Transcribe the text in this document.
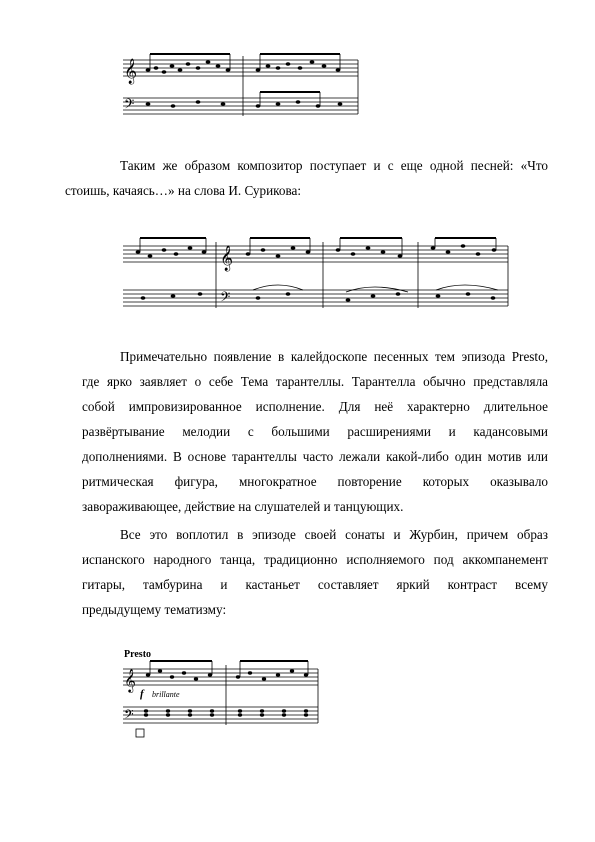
𝄞
𝄢
Таким же образом композитор поступает и с еще одной песней: «Что
стоишь, качаясь…» на слова И. Сурикова:
𝄞
𝄢
Примечательно появление в калейдоскопе песенных тем эпизода Presto,
где ярко заявляет о себе Тема тарантеллы. Тарантелла обычно представляла
собой импровизированное исполнение. Для неё характерно длительное
развёртывание мелодии с большими расширениями и кадансовыми
дополнениями. В основе тарантеллы часто лежали какой-либо один мотив или
ритмическая фигура, многократное повторение которых оказывало
завораживающее, действие на слушателей и танцующих.
Все это воплотил в эпизоде своей сонаты и Журбин, причем образ
испанского народного танца, традиционно исполняемого под аккомпанемент
гитары, тамбурина и кастаньет составляет яркий контраст всему
предыдущему тематизму:
Presto
𝄞
𝄢
f brillante
